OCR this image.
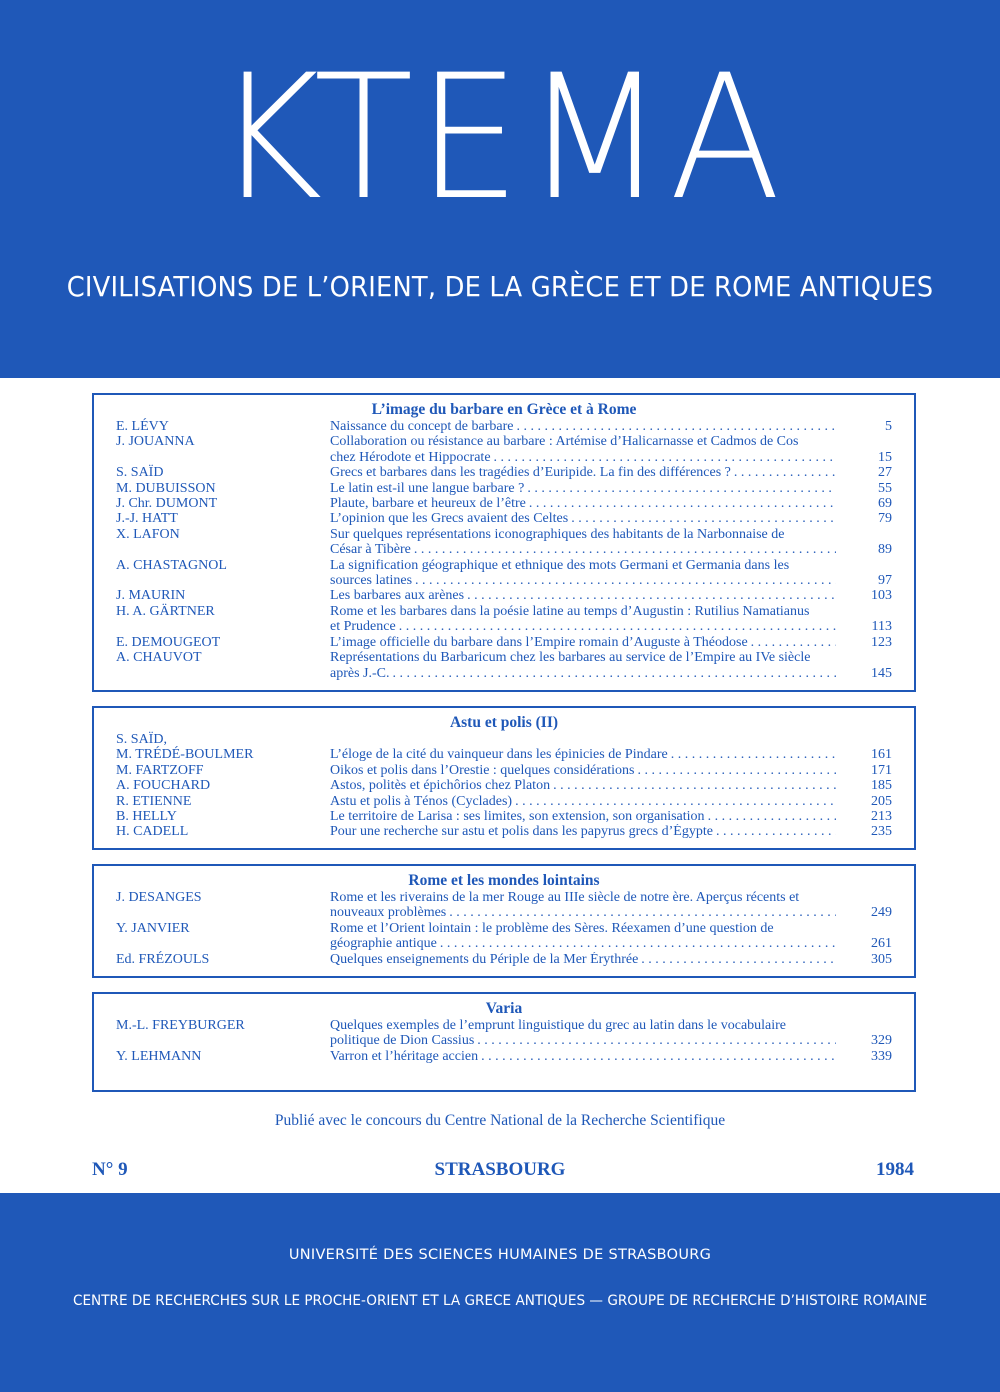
KTEMA
CIVILISATIONS DE L’ORIENT, DE LA GRÈCE ET DE ROME ANTIQUES
L’image du barbare en Grèce et à Rome
E. LÉVY	Naissance du concept de barbare . . .	5
J. JOUANNA	Collaboration ou résistance au barbare : Artémise d’Halicarnasse et Cadmos de Cos
chez Hérodote et Hippocrate . . .	15
S. SAÏD	Grecs et barbares dans les tragédies d’Euripide. La fin des différences ? . . .	27
M. DUBUISSON	Le latin est-il une langue barbare ? . . .	55
J. Chr. DUMONT	Plaute, barbare et heureux de l’être . . .	69
J.-J. HATT	L’opinion que les Grecs avaient des Celtes . . .	79
X. LAFON	Sur quelques représentations iconographiques des habitants de la Narbonnaise de
César à Tibère . . .	89
A. CHASTAGNOL	La signification géographique et ethnique des mots Germani et Germania dans les
sources latines . . .	97
J. MAURIN	Les barbares aux arènes . . .	103
H. A. GÄRTNER	Rome et les barbares dans la poésie latine au temps d’Augustin : Rutilius Namatianus
et Prudence . . .	113
E. DEMOUGEOT	L’image officielle du barbare dans l’Empire romain d’Auguste à Théodose . . .	123
A. CHAUVOT	Représentations du Barbaricum chez les barbares au service de l’Empire au IVe siècle
après J.-C. . . .	145
Astu et polis (II)
S. SAÏD,
M. TRÉDÉ-BOULMER	L’éloge de la cité du vainqueur dans les épinicies de Pindare . . .	161
M. FARTZOFF	Oikos et polis dans l’Orestie : quelques considérations . . .	171
A. FOUCHARD	Astos, politès et épichôrios chez Platon . . .	185
R. ETIENNE	Astu et polis à Ténos (Cyclades) . . .	205
B. HELLY	Le territoire de Larisa : ses limites, son extension, son organisation . . .	213
H. CADELL	Pour une recherche sur astu et polis dans les papyrus grecs d’Égypte . . .	235
Rome et les mondes lointains
J. DESANGES	Rome et les riverains de la mer Rouge au IIIe siècle de notre ère. Aperçus récents et
nouveaux problèmes . . .	249
Y. JANVIER	Rome et l’Orient lointain : le problème des Sères. Réexamen d’une question de
géographie antique . . .	261
Ed. FRÉZOULS	Quelques enseignements du Périple de la Mer Érythrée . . .	305
Varia
M.-L. FREYBURGER	Quelques exemples de l’emprunt linguistique du grec au latin dans le vocabulaire
politique de Dion Cassius . . .	329
Y. LEHMANN	Varron et l’héritage accien . . .	339
Publié avec le concours du Centre National de la Recherche Scientifique
N° 9	STRASBOURG	1984
UNIVERSITÉ DES SCIENCES HUMAINES DE STRASBOURG
CENTRE DE RECHERCHES SUR LE PROCHE-ORIENT ET LA GRECE ANTIQUES — GROUPE DE RECHERCHE D’HISTOIRE ROMAINE
